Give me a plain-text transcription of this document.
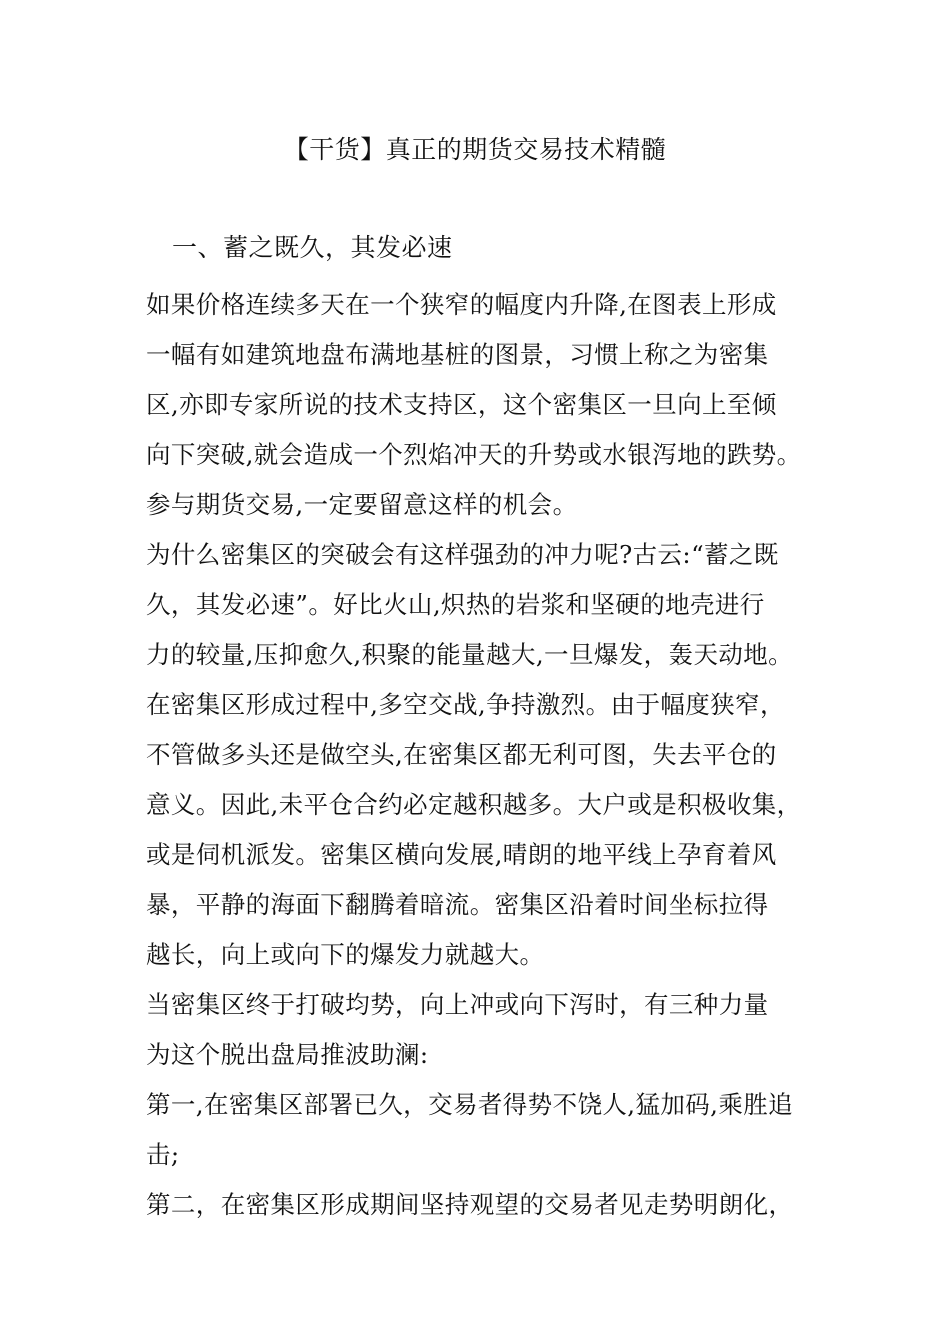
【干货】真正的期货交易技术精髓
一、蓄之既久，其发必速
如果价格连续多天在一个狭窄的幅度内升降,在图表上形成
一幅有如建筑地盘布满地基桩的图景，习惯上称之为密集
区,亦即专家所说的技术支持区，这个密集区一旦向上至倾
向下突破,就会造成一个烈焰冲天的升势或水银泻地的跌势。
参与期货交易,一定要留意这样的机会。
为什么密集区的突破会有这样强劲的冲力呢?古云:“蓄之既
久，其发必速”。好比火山,炽热的岩浆和坚硬的地壳进行
力的较量,压抑愈久,积聚的能量越大,一旦爆发，轰天动地。
在密集区形成过程中,多空交战,争持激烈。由于幅度狭窄，
不管做多头还是做空头,在密集区都无利可图，失去平仓的
意义。因此,未平仓合约必定越积越多。大户或是积极收集，
或是伺机派发。密集区横向发展,晴朗的地平线上孕育着风
暴，平静的海面下翻腾着暗流。密集区沿着时间坐标拉得
越长，向上或向下的爆发力就越大。
当密集区终于打破均势，向上冲或向下泻时，有三种力量
为这个脱出盘局推波助澜:
第一,在密集区部署已久，交易者得势不饶人,猛加码,乘胜追
击;
第二，在密集区形成期间坚持观望的交易者见走势明朗化，
